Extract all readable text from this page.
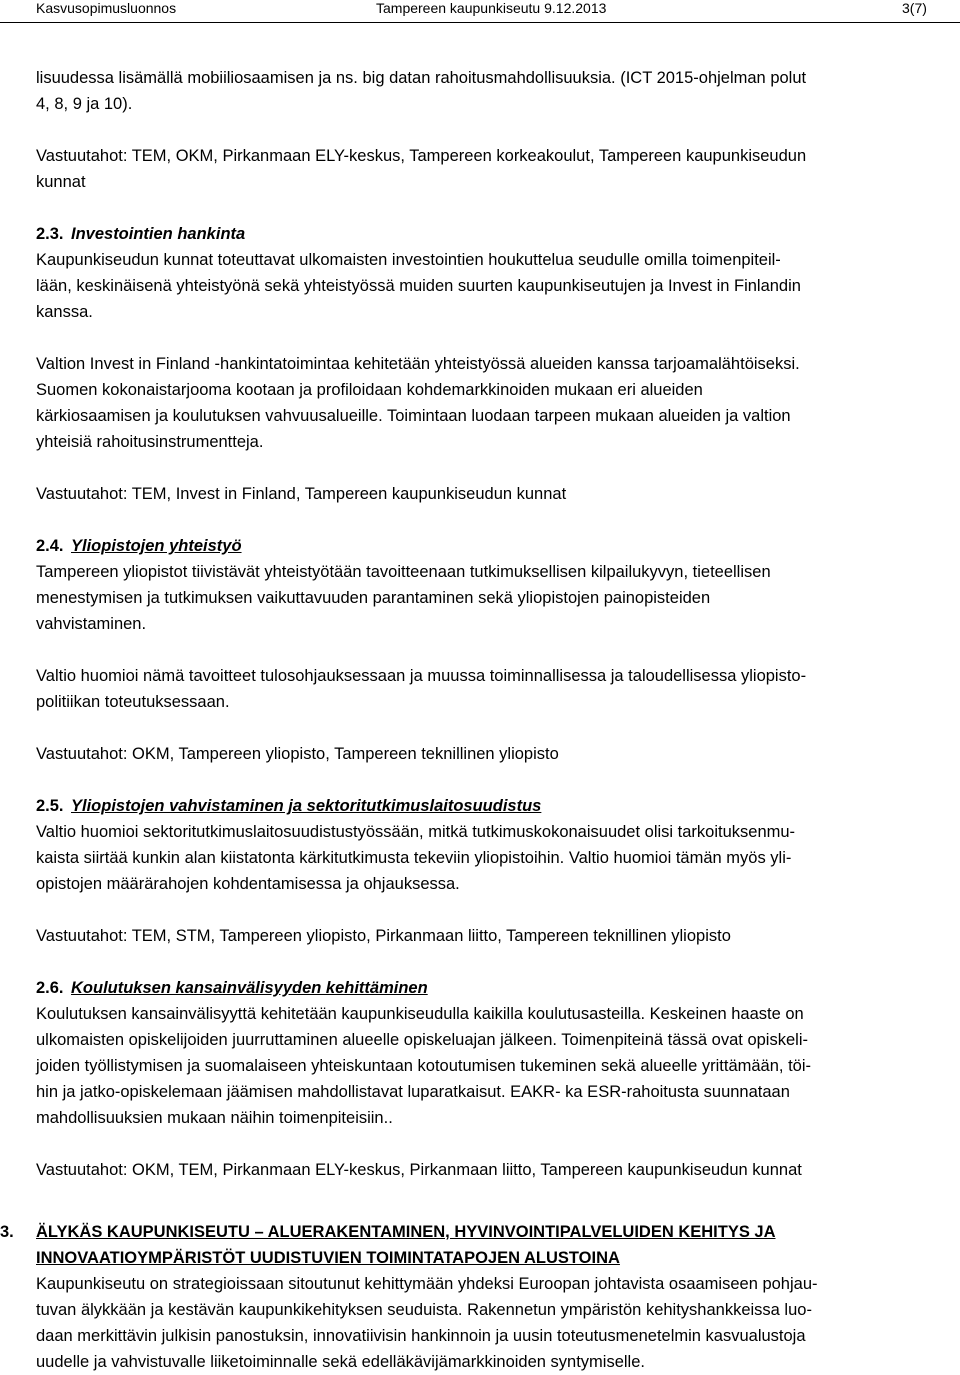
Kasvusopimusluonnos	Tampereen kaupunkiseutu 9.12.2013	3(7)

lisuudessa lisämällä mobiiliosaamisen ja ns. big datan rahoitusmahdollisuuksia. (ICT 2015-ohjelman polut
4, 8, 9 ja 10).

Vastuutahot: TEM, OKM, Pirkanmaan ELY-keskus, Tampereen korkeakoulut, Tampereen kaupunkiseudun
kunnat

2.3. Investointien hankinta

Kaupunkiseudun kunnat toteuttavat ulkomaisten investointien houkuttelua seudulle omilla toimenpiteil-
lään, keskinäisenä yhteistyönä sekä yhteistyössä muiden suurten kaupunkiseutujen ja Invest in Finlandin
kanssa.

Valtion Invest in Finland -hankintatoimintaa kehitetään yhteistyössä alueiden kanssa tarjoamalähtöiseksi.
Suomen kokonaistarjooma kootaan ja profiloidaan kohdemarkkinoiden mukaan eri alueiden
kärkiosaamisen ja koulutuksen vahvuusalueille. Toimintaan luodaan tarpeen mukaan alueiden ja valtion
yhteisiä rahoitusinstrumentteja.

Vastuutahot: TEM, Invest in Finland, Tampereen kaupunkiseudun kunnat

2.4. Yliopistojen yhteistyö

Tampereen yliopistot tiivistävät yhteistyötään tavoitteenaan tutkimuksellisen kilpailukyvyn, tieteellisen
menestymisen ja tutkimuksen vaikuttavuuden parantaminen sekä yliopistojen painopisteiden
vahvistaminen.

Valtio huomioi nämä tavoitteet tulosohjauksessaan ja muussa toiminnallisessa ja taloudellisessa yliopisto-
politiikan toteutuksessaan.

Vastuutahot: OKM, Tampereen yliopisto, Tampereen teknillinen yliopisto

2.5. Yliopistojen vahvistaminen ja sektoritutkimuslaitosuudistus

Valtio huomioi sektoritutkimuslaitosuudistustyössään, mitkä tutkimuskokonaisuudet olisi tarkoituksenmu-
kaista siirtää kunkin alan kiistatonta kärkitutkimusta tekeviin yliopistoihin. Valtio huomioi tämän myös yli-
opistojen määrärahojen kohdentamisessa ja ohjauksessa.

Vastuutahot: TEM, STM, Tampereen yliopisto, Pirkanmaan liitto, Tampereen teknillinen yliopisto

2.6. Koulutuksen kansainvälisyyden kehittäminen

Koulutuksen kansainvälisyyttä kehitetään kaupunkiseudulla kaikilla koulutusasteilla. Keskeinen haaste on
ulkomaisten opiskelijoiden juurruttaminen alueelle opiskeluajan jälkeen. Toimenpiteinä tässä ovat opiskeli-
joiden työllistymisen ja suomalaiseen yhteiskuntaan kotoutumisen tukeminen sekä alueelle yrittämään, töi-
hin ja jatko-opiskelemaan jäämisen mahdollistavat luparatkaisut. EAKR- ka ESR-rahoitusta suunnataan
mahdollisuuksien mukaan näihin toimenpiteisiin..

Vastuutahot: OKM, TEM, Pirkanmaan ELY-keskus, Pirkanmaan liitto, Tampereen kaupunkiseudun kunnat

3. ÄLYKÄS KAUPUNKISEUTU – ALUERAKENTAMINEN, HYVINVOINTIPALVELUIDEN KEHITYS JA
INNOVAATIOYMPÄRISTÖT UUDISTUVIEN TOIMINTATAPOJEN ALUSTOINA

Kaupunkiseutu on strategioissaan sitoutunut kehittymään yhdeksi Euroopan johtavista osaamiseen pohjau-
tuvan älykkään ja kestävän kaupunkikehityksen seuduista. Rakennetun ympäristön kehityshankkeissa luo-
daan merkittävin julkisin panostuksin, innovatiivisin hankinnoin ja uusin toteutusmenetelmin kasvualustoja
uudelle ja vahvistuvalle liiketoiminnalle sekä edelläkävijämarkkinoiden syntymiselle.
